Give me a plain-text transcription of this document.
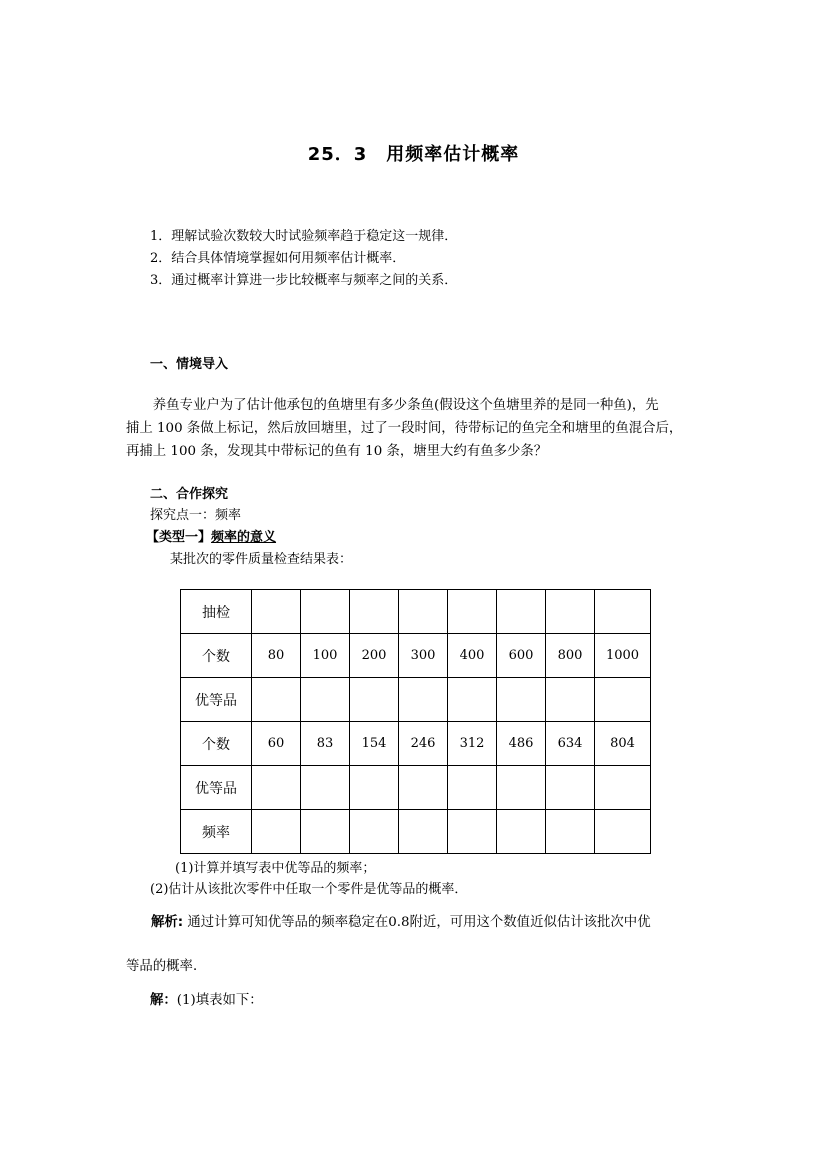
25．3　用频率估计概率
1．理解试验次数较大时试验频率趋于稳定这一规律．
2．结合具体情境掌握如何用频率估计概率．
3．通过概率计算进一步比较概率与频率之间的关系．
一、情境导入
　　养鱼专业户为了估计他承包的鱼塘里有多少条鱼(假设这个鱼塘里养的是同一种鱼)，先
捕上 100 条做上标记，然后放回塘里，过了一段时间，待带标记的鱼完全和塘里的鱼混合后，
再捕上 100 条，发现其中带标记的鱼有 10 条，塘里大约有鱼多少条？
二、合作探究
探究点一：频率
【类型一】频率的意义
某批次的零件质量检查结果表：
抽检								
个数	80	100	200	300	400	600	800	1000
优等品								
个数	60	83	154	246	312	486	634	804
优等品								
频率								
(1)计算并填写表中优等品的频率；
(2)估计从该批次零件中任取一个零件是优等品的概率．
解析: 通过计算可知优等品的频率稳定在0.8附近，可用这个数值近似估计该批次中优
等品的概率．
解：(1)填表如下：
